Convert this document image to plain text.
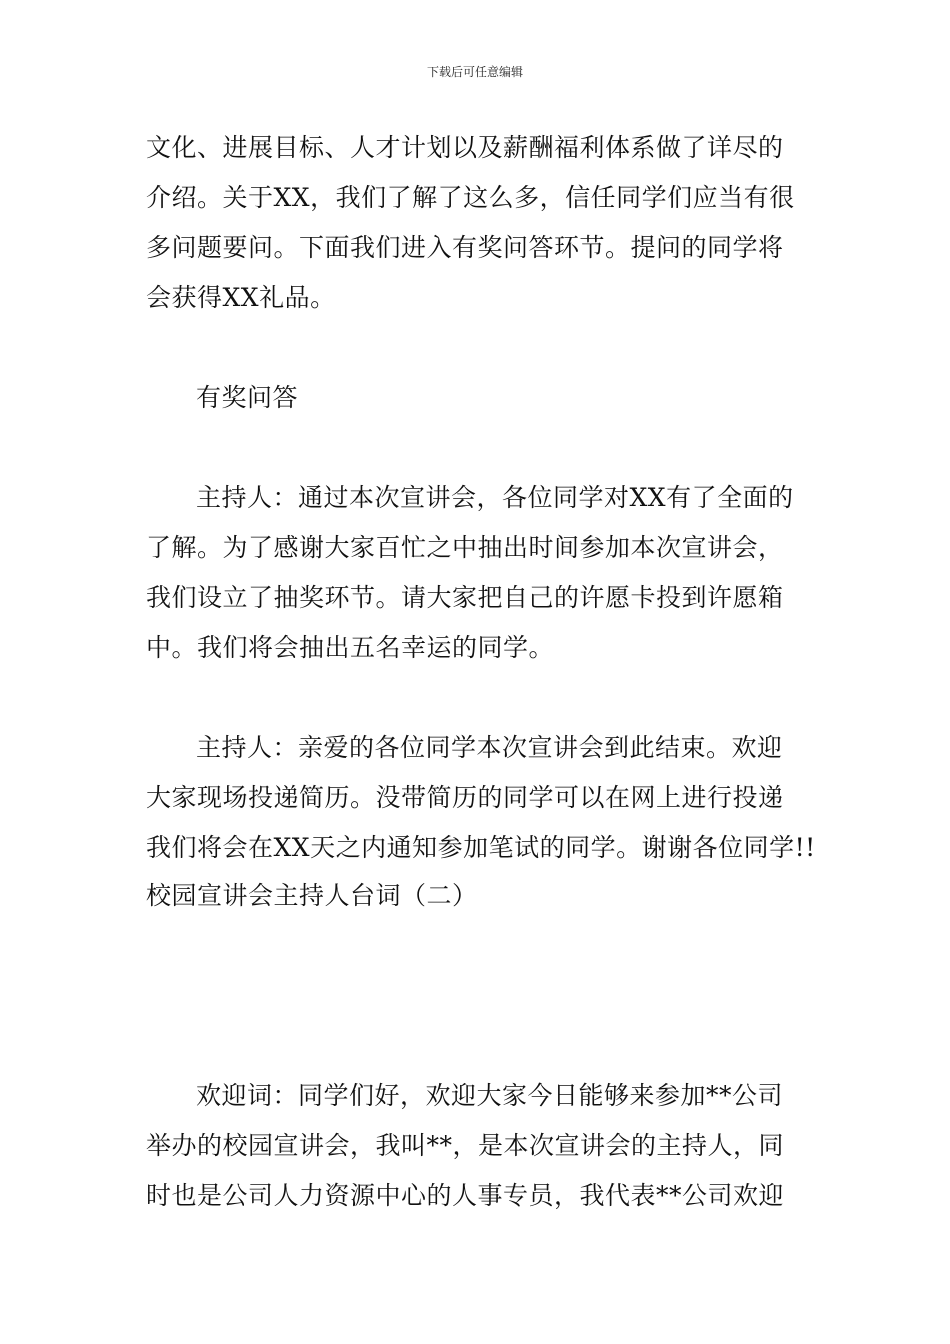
下载后可任意编辑
文化、进展目标、人才计划以及薪酬福利体系做了详尽的
介绍。关于XX，我们了解了这么多，信任同学们应当有很
多问题要问。下面我们进入有奖问答环节。提问的同学将
会获得XX礼品。
有奖问答
主持人：通过本次宣讲会，各位同学对XX有了全面的
了解。为了感谢大家百忙之中抽出时间参加本次宣讲会，
我们设立了抽奖环节。请大家把自己的许愿卡投到许愿箱
中。我们将会抽出五名幸运的同学。
主持人：亲爱的各位同学本次宣讲会到此结束。欢迎
大家现场投递简历。没带简历的同学可以在网上进行投递
我们将会在XX天之内通知参加笔试的同学。谢谢各位同学!!
校园宣讲会主持人台词（二）
欢迎词：同学们好，欢迎大家今日能够来参加**公司
举办的校园宣讲会，我叫**，是本次宣讲会的主持人，同
时也是公司人力资源中心的人事专员，我代表**公司欢迎
